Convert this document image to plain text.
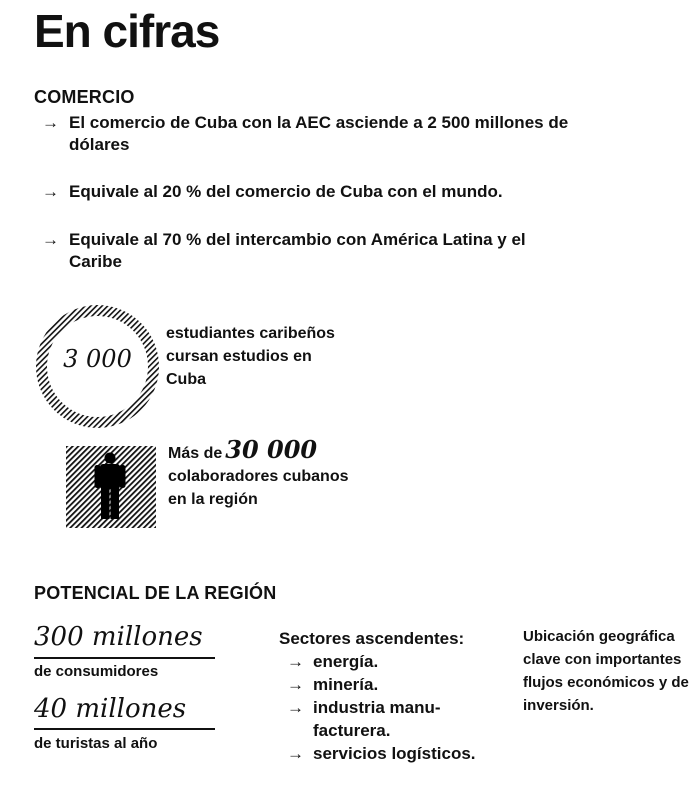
En cifras
COMERCIO
→ El comercio de Cuba con la AEC asciende a 2 500 millones de dólares
→ Equivale al 20 % del comercio de Cuba con el mundo.
→ Equivale al 70 % del intercambio con América Latina y el Caribe
3 000
estudiantes caribeños cursan estudios en Cuba
Más de 30 000
colaboradores cubanos en la región
POTENCIAL DE LA REGIÓN
300 millones
de consumidores
40 millones
de turistas al año
Sectores ascendentes:
→ energía.
→ minería.
→ industria manu-facturera.
→ servicios logísticos.
Ubicación geográfica clave con importantes flujos económicos y de inversión.
